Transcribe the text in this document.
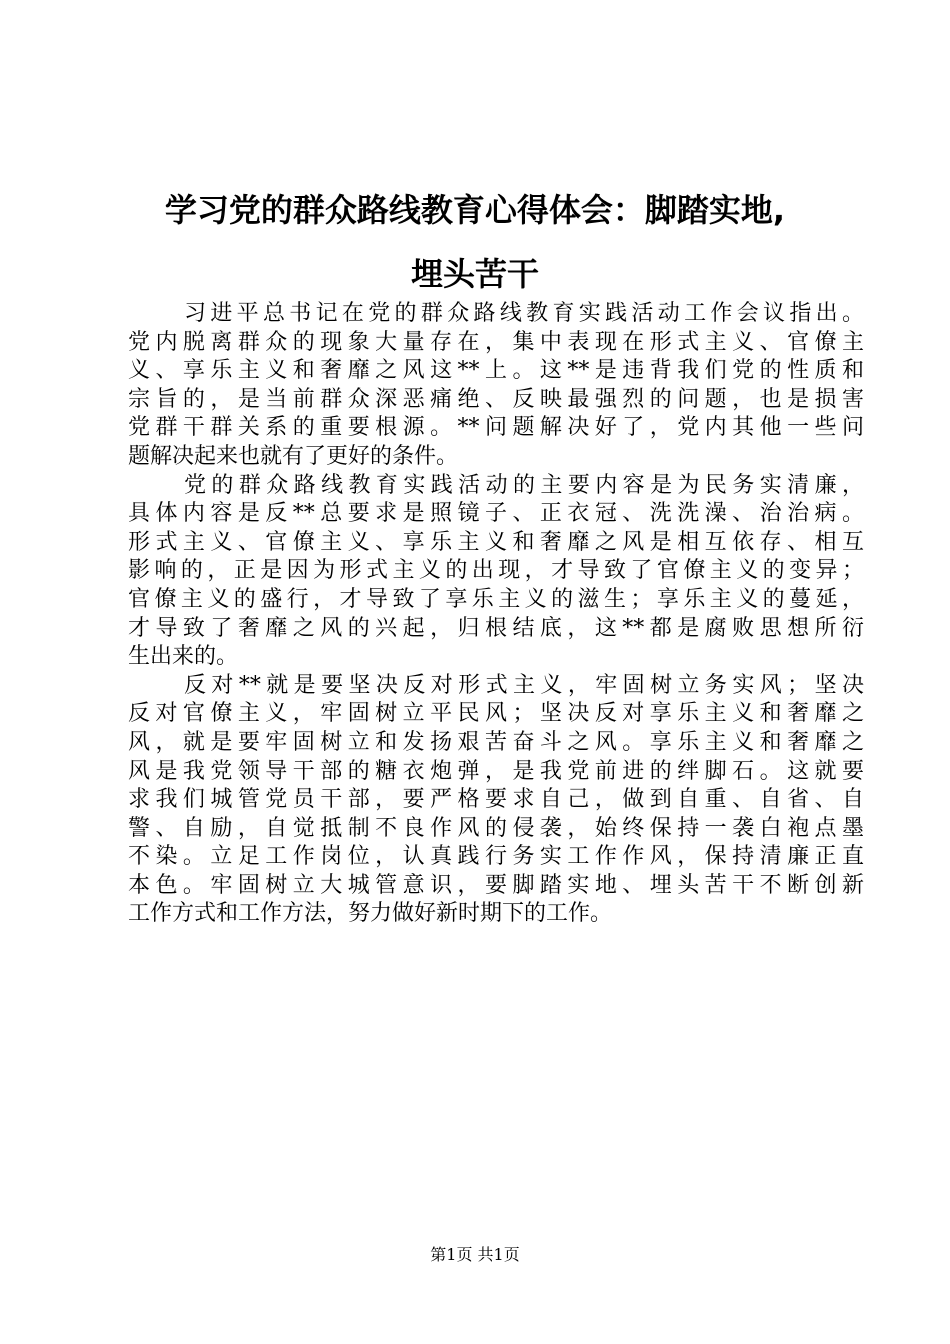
学习党的群众路线教育心得体会：脚踏实地,
埋头苦干
习进平总书记在党的群众路线教育实践活动工作会议指出。
党内脱离群众的现象大量存在，集中表现在形式主义、官僚主
义、享乐主义和奢靡之风这**上。这**是违背我们党的性质和
宗旨的，是当前群众深恶痛绝、反映最强烈的问题，也是损害
党群干群关系的重要根源。**问题解决好了，党内其他一些问
题解决起来也就有了更好的条件。
党的群众路线教育实践活动的主要内容是为民务实清廉，
具体内容是反**总要求是照镜子、正衣冠、洗洗澡、治治病。
形式主义、官僚主义、享乐主义和奢靡之风是相互依存、相互
影响的，正是因为形式主义的出现，才导致了官僚主义的变异；
官僚主义的盛行，才导致了享乐主义的滋生；享乐主义的蔓延，
才导致了奢靡之风的兴起，归根结底，这**都是腐败思想所衍
生出来的。
反对**就是要坚决反对形式主义，牢固树立务实风；坚决
反对官僚主义，牢固树立平民风；坚决反对享乐主义和奢靡之
风，就是要牢固树立和发扬艰苦奋斗之风。享乐主义和奢靡之
风是我党领导干部的糖衣炮弹，是我党前进的绊脚石。这就要
求我们城管党员干部，要严格要求自己，做到自重、自省、自
警、自励，自觉抵制不良作风的侵袭，始终保持一袭白袍点墨
不染。立足工作岗位，认真践行务实工作作风，保持清廉正直
本色。牢固树立大城管意识，要脚踏实地、埋头苦干不断创新
工作方式和工作方法，努力做好新时期下的工作。
第1页 共1页
